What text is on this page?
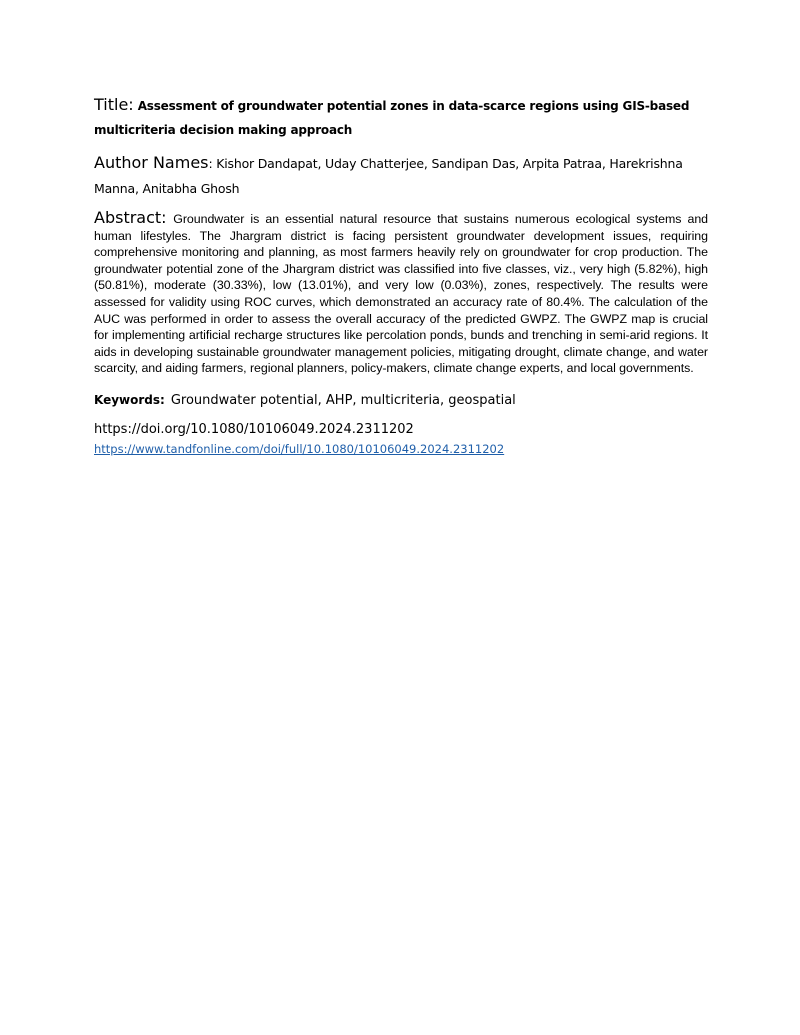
Title: Assessment of groundwater potential zones in data-scarce regions using GIS-based multicriteria decision making approach

Author Names: Kishor Dandapat, Uday Chatterjee, Sandipan Das, Arpita Patraa, Harekrishna Manna, Anitabha Ghosh

Abstract: Groundwater is an essential natural resource that sustains numerous ecological systems and human lifestyles. The Jhargram district is facing persistent groundwater development issues, requiring comprehensive monitoring and planning, as most farmers heavily rely on groundwater for crop production. The groundwater potential zone of the Jhargram district was classified into five classes, viz., very high (5.82%), high (50.81%), moderate (30.33%), low (13.01%), and very low (0.03%), zones, respectively. The results were assessed for validity using ROC curves, which demonstrated an accuracy rate of 80.4%. The calculation of the AUC was performed in order to assess the overall accuracy of the predicted GWPZ. The GWPZ map is crucial for implementing artificial recharge structures like percolation ponds, bunds and trenching in semi-arid regions. It aids in developing sustainable groundwater management policies, mitigating drought, climate change, and water scarcity, and aiding farmers, regional planners, policy-makers, climate change experts, and local governments.

Keywords: Groundwater potential, AHP, multicriteria, geospatial

https://doi.org/10.1080/10106049.2024.2311202

https://www.tandfonline.com/doi/full/10.1080/10106049.2024.2311202
